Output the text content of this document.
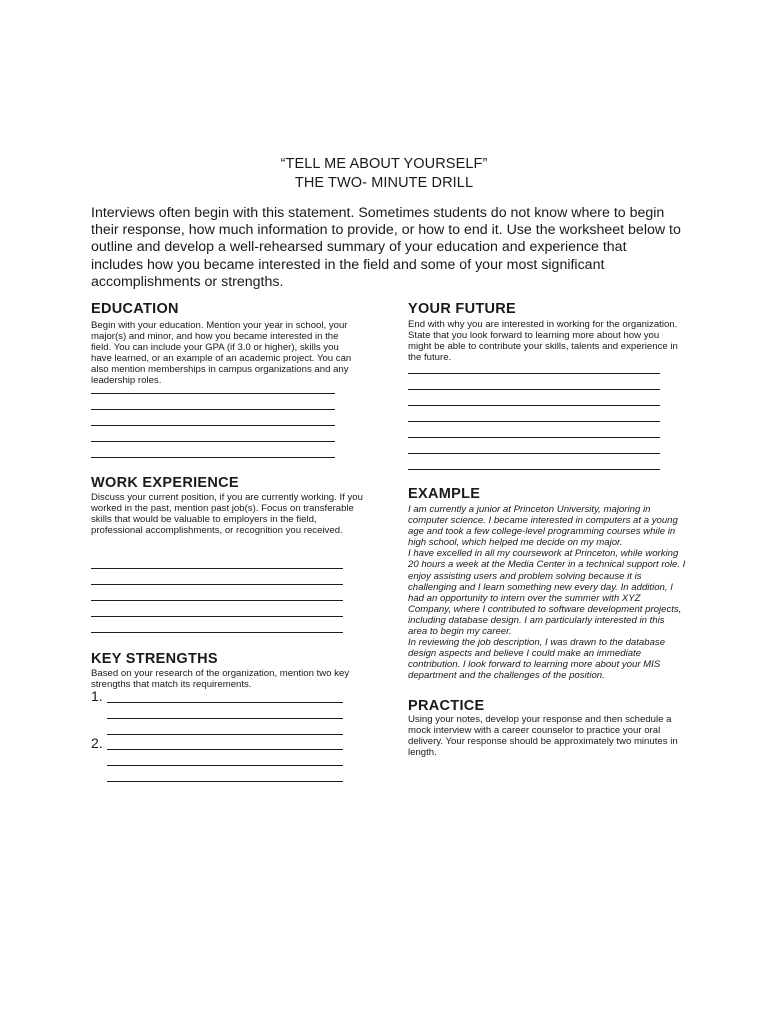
“TELL ME ABOUT YOURSELF”
THE TWO- MINUTE DRILL

Interviews often begin with this statement. Sometimes students do not know where to begin their response, how much information to provide, or how to end it. Use the worksheet below to outline and develop a well-rehearsed summary of your education and experience that includes how you became interested in the field and some of your most significant accomplishments or strengths.

EDUCATION

Begin with your education. Mention your year in school, your major(s) and minor, and how you became interested in the field. You can include your GPA (if 3.0 or higher), skills you have learned, or an example of an academic project. You can also mention memberships in campus organizations and any leadership roles.

WORK EXPERIENCE

Discuss your current position, if you are currently working. If you worked in the past, mention past job(s). Focus on transferable skills that would be valuable to employers in the field, professional accomplishments, or recognition you received.

KEY STRENGTHS

Based on your research of the organization, mention two key strengths that match its requirements.

1.
2.
YOUR FUTURE

End with why you are interested in working for the organization. State that you look forward to learning more about how you might be able to contribute your skills, talents and experience in the future.

EXAMPLE

I am currently a junior at Princeton University, majoring in computer science. I became interested in computers at a young age and took a few college-level programming courses while in high school, which helped me decide on my major.

I have excelled in all my coursework at Princeton, while working 20 hours a week at the Media Center in a technical support role. I enjoy assisting users and problem solving because it is challenging and I learn something new every day. In addition, I had an opportunity to intern over the summer with XYZ Company, where I contributed to software development projects, including database design. I am particularly interested in this area to begin my career.

In reviewing the job description, I was drawn to the database design aspects and believe I could make an immediate contribution. I look forward to learning more about your MIS department and the challenges of the position.

PRACTICE

Using your notes, develop your response and then schedule a mock interview with a career counselor to practice your oral delivery. Your response should be approximately two minutes in length.
